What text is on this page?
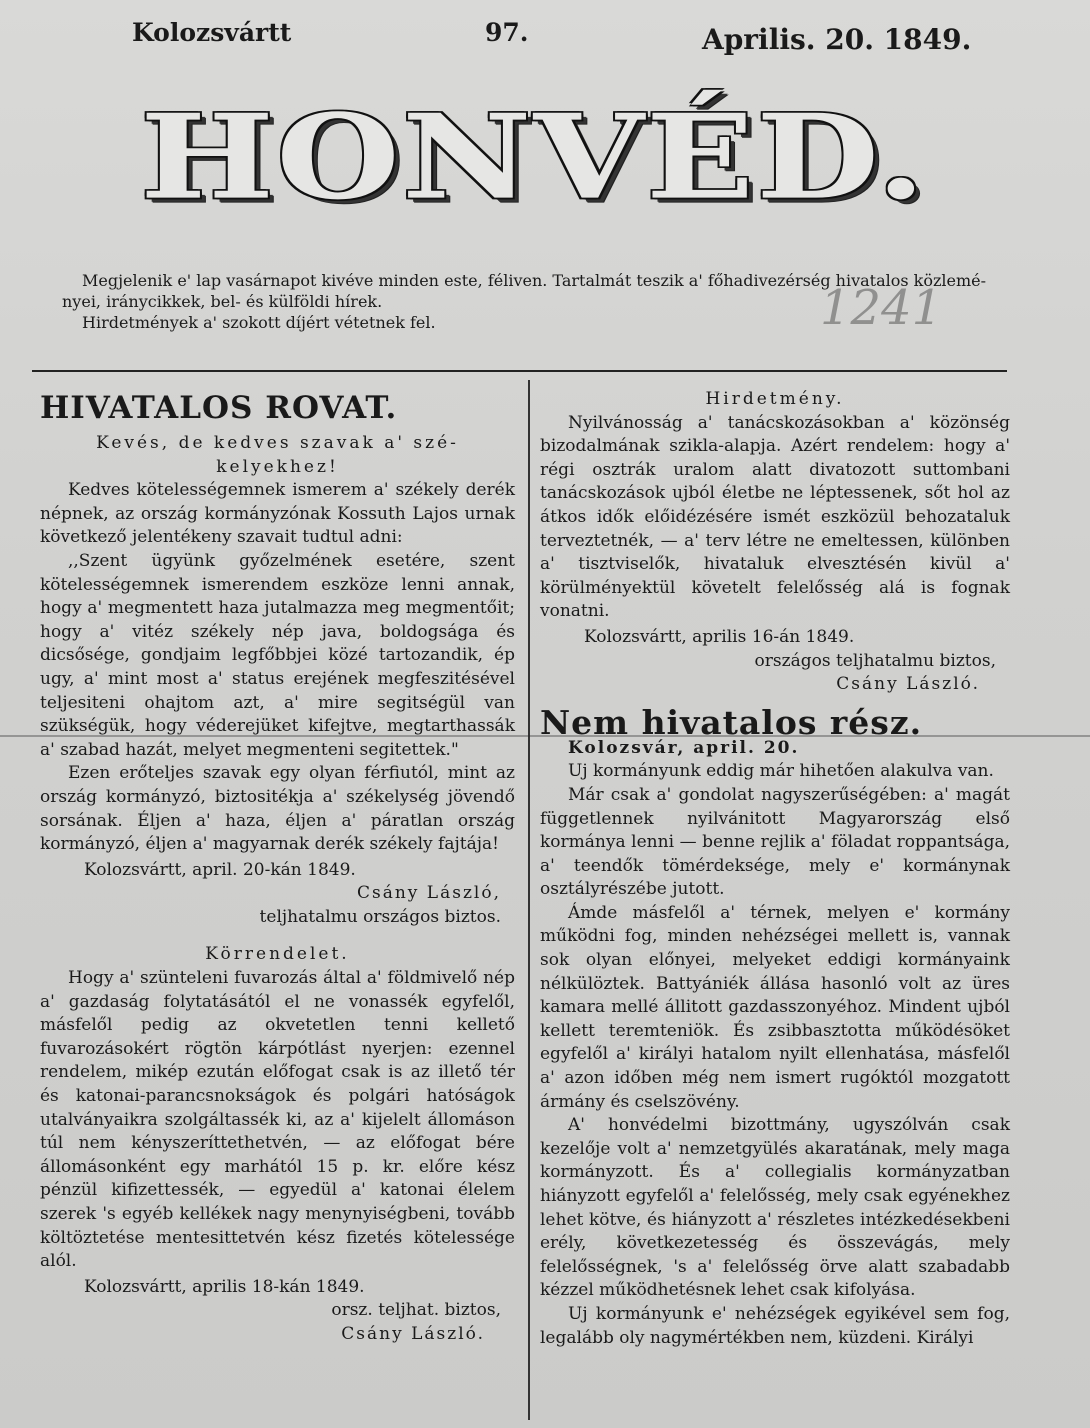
Kolozsvártt	97.	Aprilis. 20. 1849.
HONVÉD.
1241

Megjelenik e' lap vasárnapot kivéve minden este, féliven. Tartalmát teszik a' főhadivezérség hivatalos közlemé-

nyei, iránycikkek, bel- és külföldi hírek.

Hirdetmények a' szokott díjért vétetnek fel.

HIVATALOS ROVAT.

Kevés, de kedves szavak a' szé-

kelyekhez!

Kedves kötelességemnek ismerem a' székely derék népnek, az ország kormányzónak Kossuth Lajos urnak következő jelentékeny szavait tudtul adni:

,,Szent ügyünk győzelmének esetére, szent kötelességemnek ismerendem eszköze lenni annak, hogy a' megmentett haza jutalmazza meg megmentőit; hogy a' vitéz székely nép java, boldogsága és dicsősége, gondjaim legfőbbjei közé tartozandik, ép ugy, a' mint most a' status erejének megfeszitésével teljesiteni ohajtom azt, a' mire segitségül van szükségük, hogy véderejüket kifejtve, megtarthassák a' szabad hazát, melyet megmenteni segitettek."

Ezen erőteljes szavak egy olyan férfiutól, mint az ország kormányzó, biztositékja a' székelység jövendő sorsának. Éljen a' haza, éljen a' páratlan ország kormányzó, éljen a' magyarnak derék székely fajtája!

Kolozsvártt, april. 20-kán 1849.

Csány László,

teljhatalmu országos biztos.

Körrendelet.

Hogy a' szüntelenі fuvarozás által a' földmivelő nép a' gazdaság folytatásától el ne vonassék egyfelől, másfelől pedig az okvetetlen tenni kellető fuvarozásokért rögtön kárpótlást nyerjen: ezennel rendelem, mikép ezután előfogat csak is az illető tér és katonai-parancsnokságok és polgári hatóságok utalványaikra szolgáltassék ki, az a' kijelelt állomáson túl nem kényszeríttethetvén, — az előfogat bére állomásonként egy marhától 15 p. kr. előre kész pénzül kifizettessék, — egyedül a' katonai élelem szerek 's egyéb kellékek nagy menynyiségbeni, tovább költöztetése mentesittetvén kész fizetés kötelessége alól.

Kolozsvártt, aprilis 18-kán 1849.

orsz. teljhat. biztos,

Csány László.

Hirdetmény.

Nyilvánosság a' tanácskozásokban a' közönség bizodalmának szikla-alapja. Azért rendelem: hogy a' régi osztrák uralom alatt divatozott suttombani tanácskozások ujból életbe ne léptessenek, sőt hol az átkos idők előidézésére ismét eszközül behozataluk terveztetnék, — a' terv létre ne emeltessen, különben a' tisztviselők, hivataluk elvesztésén kivül a' körülményektül követelt felelősség alá is fognak vonatni.

Kolozsvártt, aprilis 16-án 1849.

országos teljhatalmu biztos,

Csány László.

Nem hivatalos rész.

Kolozsvár, april. 20.

Uj kormányunk eddig már hihetően alakulva van.

Már csak a' gondolat nagyszerűségében: a' magát függetlennek nyilvánitott Magyarország első kormánya lenni — benne rejlik a' föladat roppantsága, a' teendők tömérdeksége, mely e' kormánynak osztályrészébe jutott.

Ámde másfelől a' térnek, melyen e' kormány működni fog, minden nehézségei mellett is, vannak sok olyan előnyei, melyeket eddigi kormányaink nélkülöztek. Battyániék állása hasonló volt az üres kamara mellé állitott gazdasszonyéhoz. Mindent ujból kellett teremteniök. És zsibbasztotta működésöket egyfelől a' királyi hatalom nyilt ellenhatása, másfelől a' azon időben még nem ismert rugóktól mozgatott ármány és cselszövény.

A' honvédelmi bizottmány, ugyszólván csak kezelője volt a' nemzetgyülés akaratának, mely maga kormányzott. És a' collegialis kormányzatban hiányzott egyfelől a' felelősség, mely csak egyénekhez lehet kötve, és hiányzott a' részletes intézkedésekbeni erély, következetesség és összevágás, mely felelősségnek, 's a' felelősség örve alatt szabadabb kézzel működhetésnek lehet csak kifolyása.

Uj kormányunk e' nehézségek egyikével sem fog, legalább oly nagymértékben nem, küzdeni. Királyi
